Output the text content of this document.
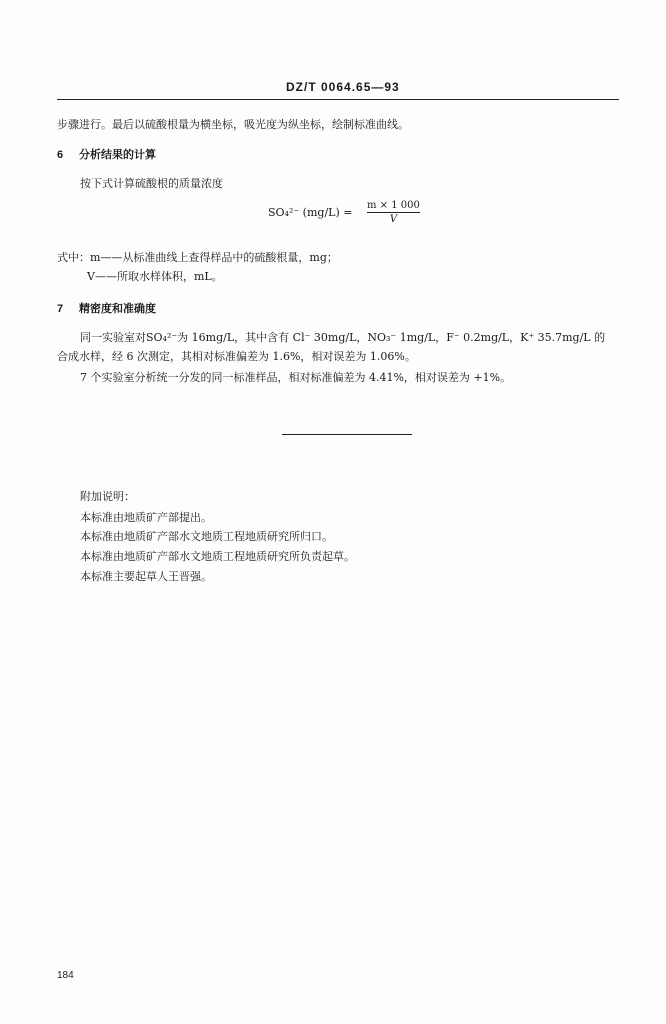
DZ/T 0064.65—93
步骤进行。最后以硫酸根量为横坐标，吸光度为纵坐标，绘制标准曲线。
6 分析结果的计算
按下式计算硫酸根的质量浓度
SO₄²⁻ (mg/L) =
m × 1 000
V
式中：m——从标准曲线上查得样品中的硫酸根量，mg；
V——所取水样体积，mL。
7 精密度和准确度
同一实验室对SO₄²⁻为 16mg/L，其中含有 Cl⁻ 30mg/L，NO₃⁻ 1mg/L，F⁻ 0.2mg/L，K⁺ 35.7mg/L 的
合成水样，经 6 次测定，其相对标准偏差为 1.6%，相对误差为 1.06%。
7 个实验室分析统一分发的同一标准样品，相对标准偏差为 4.41%，相对误差为 +1%。
附加说明：
本标准由地质矿产部提出。
本标准由地质矿产部水文地质工程地质研究所归口。
本标准由地质矿产部水文地质工程地质研究所负责起草。
本标准主要起草人王晋强。
184
